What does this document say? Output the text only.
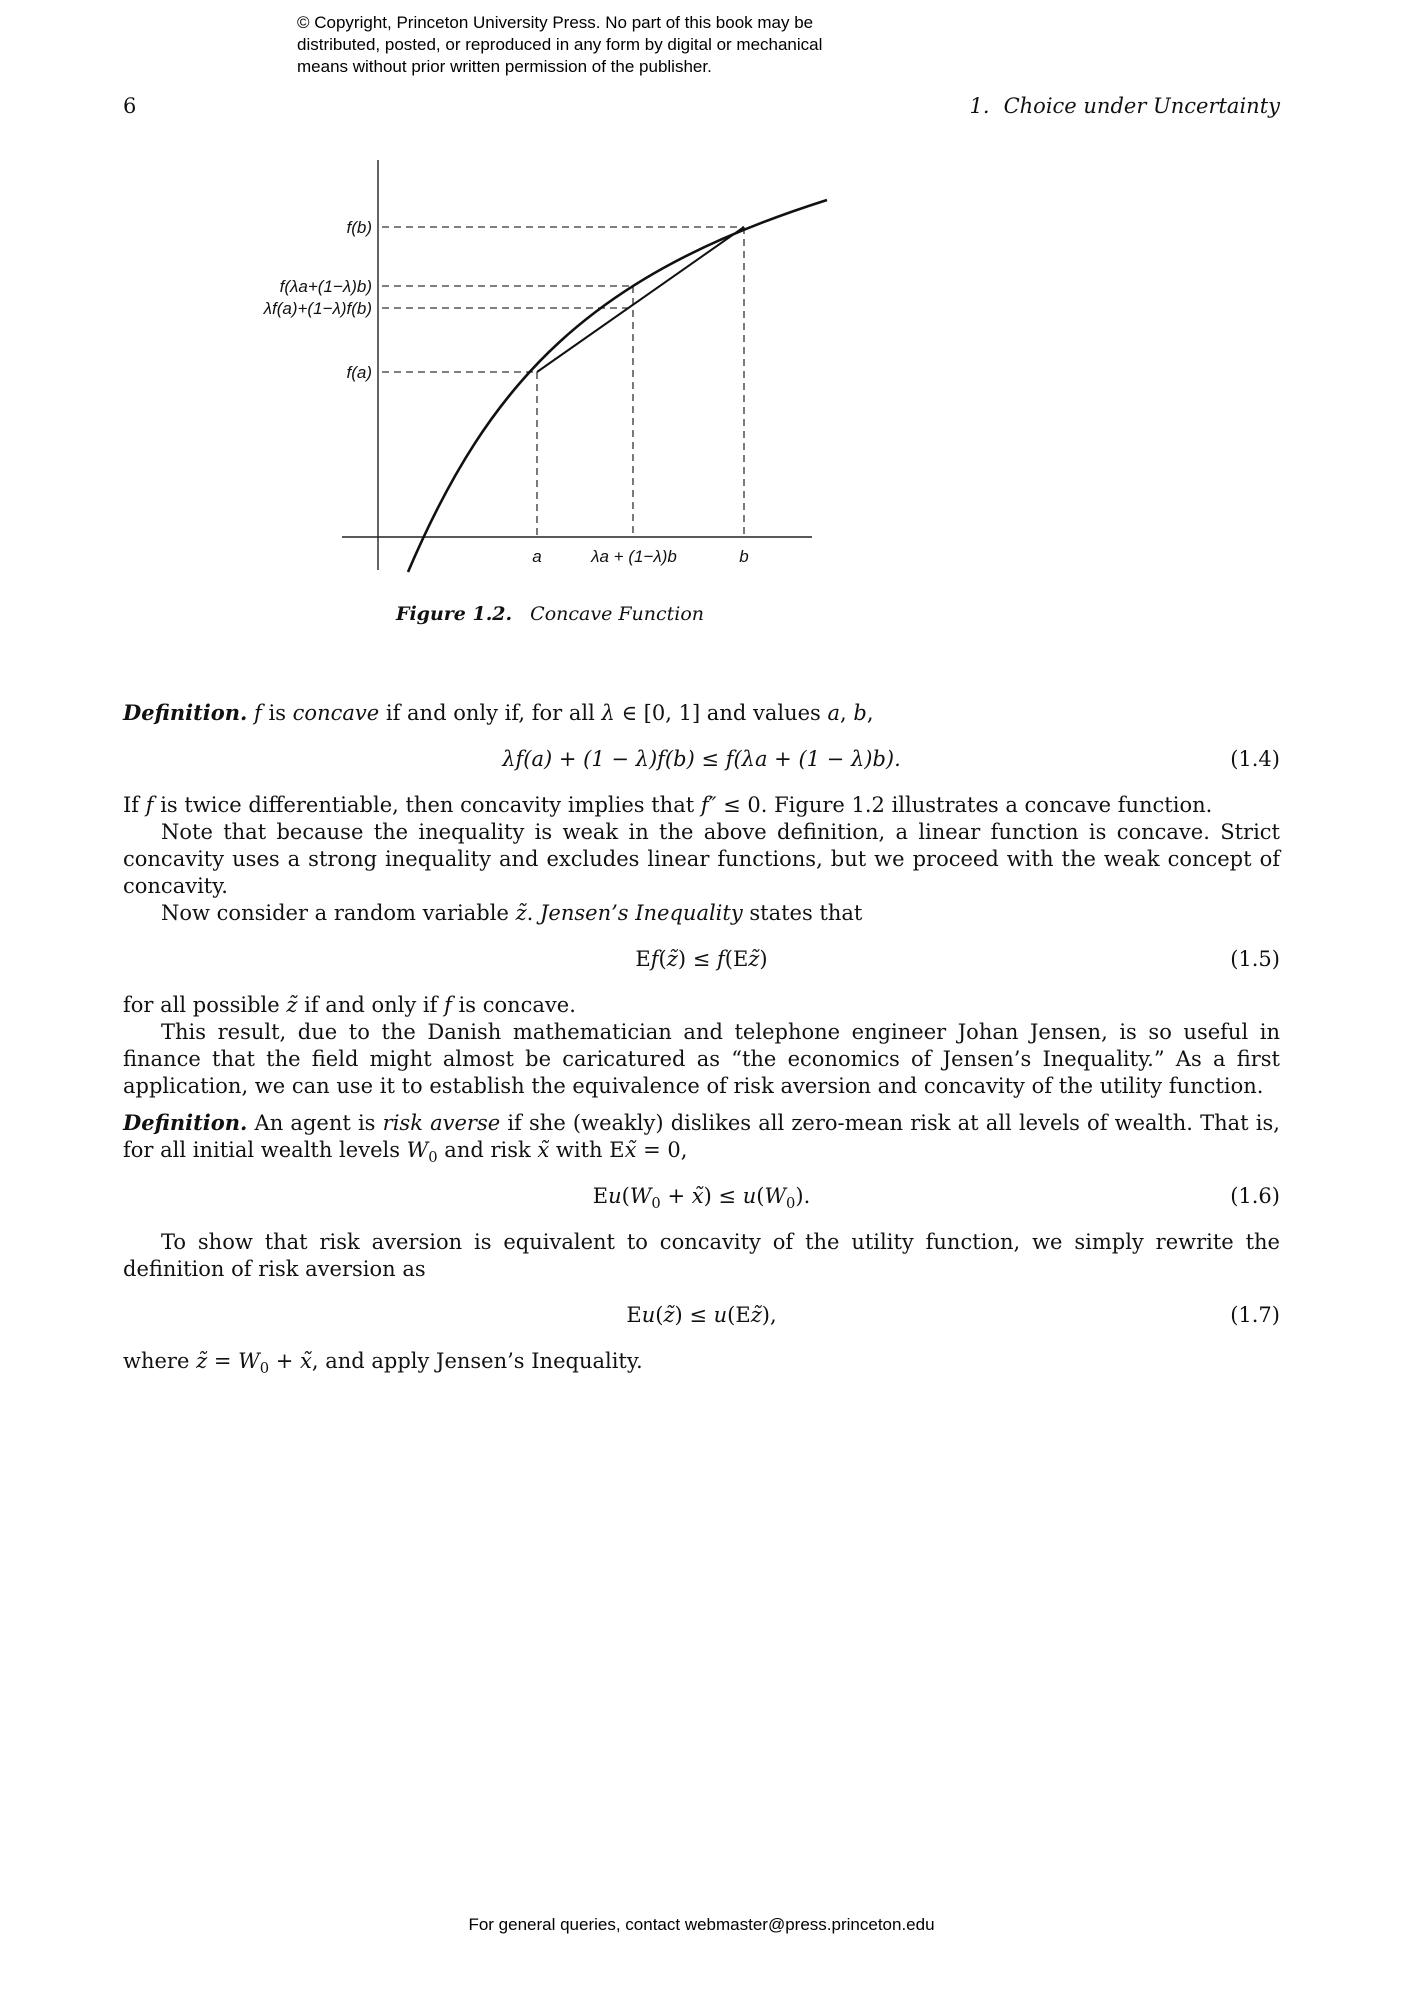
© Copyright, Princeton University Press. No part of this book may be
distributed, posted, or reproduced in any form by digital or mechanical
means without prior written permission of the publisher.
6	1. Choice under Uncertainty
f(b)
f(λa+(1−λ)b)
λf(a)+(1−λ)f(b)
f(a)
a	λa + (1−λ)b	b
Figure 1.2. Concave Function

Definition. f is concave if and only if, for all λ ∈ [0, 1] and values a, b,

λf(a) + (1 − λ)f(b) ≤ f(λa + (1 − λ)b).	(1.4)

If f is twice differentiable, then concavity implies that f″ ≤ 0. Figure 1.2 illustrates a concave function.

Note that because the inequality is weak in the above definition, a linear function is concave. Strict concavity uses a strong inequality and excludes linear functions, but we proceed with the weak concept of concavity.

Now consider a random variable z̃. Jensen’s Inequality states that

Ef(z̃) ≤ f(Ez̃)	(1.5)

for all possible z̃ if and only if f is concave.

This result, due to the Danish mathematician and telephone engineer Johan Jensen, is so useful in finance that the field might almost be caricatured as “the economics of Jensen’s Inequality.” As a first application, we can use it to establish the equivalence of risk aversion and concavity of the utility function.

Definition. An agent is risk averse if she (weakly) dislikes all zero-mean risk at all levels of wealth. That is, for all initial wealth levels $W_0$ and risk x̃ with Ex̃ = 0,

$Eu(W_0$ + x̃) ≤ $u(W_0)$.	(1.6)

To show that risk aversion is equivalent to concavity of the utility function, we simply rewrite the definition of risk aversion as

Eu(z̃) ≤ u(Ez̃),	(1.7)

where z̃ = $W_0$ + x̃, and apply Jensen’s Inequality.

For general queries, contact webmaster@press.princeton.edu
